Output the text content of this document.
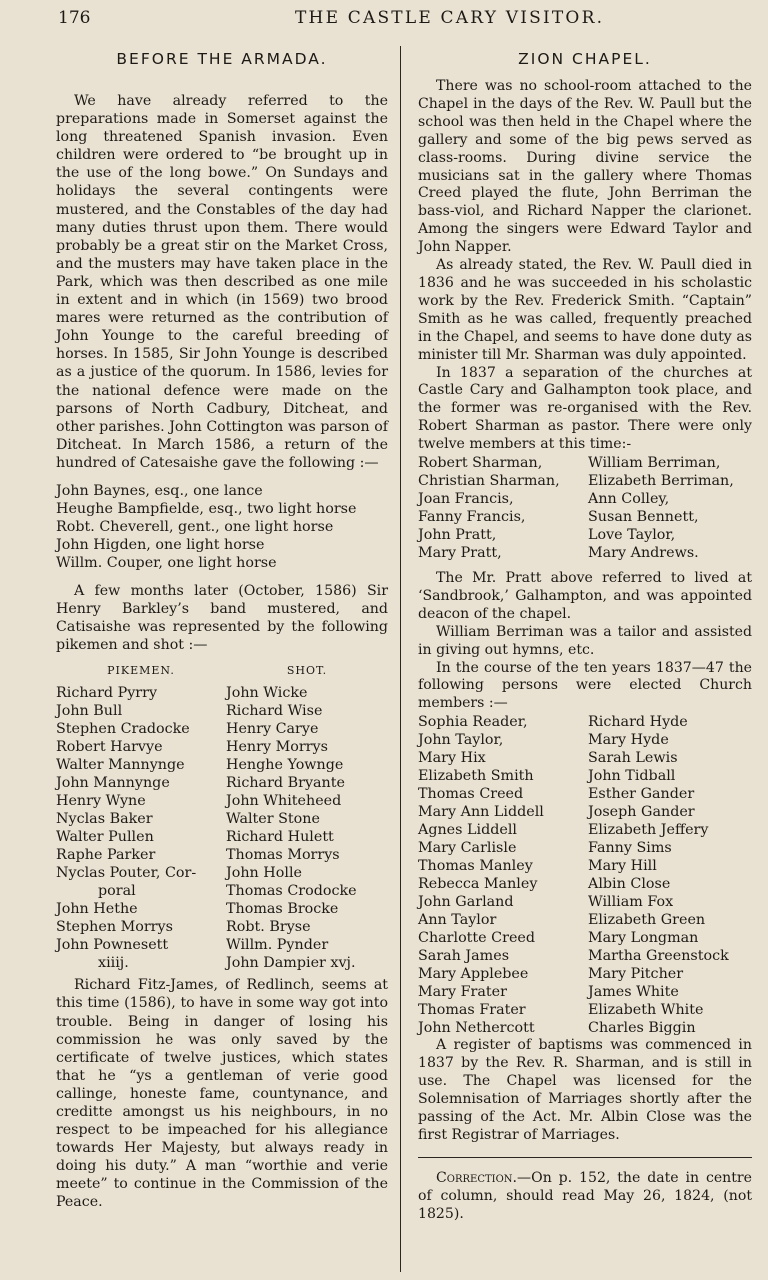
176	THE CASTLE CARY VISITOR.
BEFORE THE ARMADA.

We have already referred to the preparations made in Somerset against the long threatened Spanish invasion. Even children were ordered to “be brought up in the use of the long bowe.” On Sundays and holidays the several contingents were mustered, and the Constables of the day had many duties thrust upon them. There would probably be a great stir on the Market Cross, and the musters may have taken place in the Park, which was then described as one mile in extent and in which (in 1569) two brood mares were returned as the contribution of John Younge to the careful breeding of horses. In 1585, Sir John Younge is described as a justice of the quorum. In 1586, levies for the national defence were made on the parsons of North Cadbury, Ditcheat, and other parishes. John Cottington was parson of Ditcheat. In March 1586, a return of the hundred of Catesaishe gave the following :—

John Baynes, esq., one lance
Heughe Bampfielde, esq., two light horse
Robt. Cheverell, gent., one light horse
John Higden, one light horse
Willm. Couper, one light horse

A few months later (October, 1586) Sir Henry Barkley’s band mustered, and Catisaishe was represented by the following pikemen and shot :—

PIKEMEN.	SHOT.
Richard Pyrry
John Bull
Stephen Cradocke
Robert Harvye
Walter Mannynge
John Mannynge
Henry Wyne
Nyclas Baker
Walter Pullen
Raphe Parker
Nyclas Pouter, Cor-
poral
John Hethe
Stephen Morrys
John Pownesett
xiiij.
John Wicke
Richard Wise
Henry Carye
Henry Morrys
Henghe Yownge
Richard Bryante
John Whiteheed
Walter Stone
Richard Hulett
Thomas Morrys
John Holle
Thomas Crodocke
Thomas Brocke
Robt. Bryse
Willm. Pynder
John Dampier xvj.

Richard Fitz-James, of Redlinch, seems at this time (1586), to have in some way got into trouble. Being in danger of losing his commission he was only saved by the certificate of twelve justices, which states that he “ys a gentleman of verie good callinge, honeste fame, countynance, and creditte amongst us his neighbours, in no respect to be impeached for his allegiance towards Her Majesty, but always ready in doing his duty.” A man “worthie and verie meete” to continue in the Commission of the Peace.

ZION CHAPEL.

There was no school-room attached to the Chapel in the days of the Rev. W. Paull but the school was then held in the Chapel where the gallery and some of the big pews served as class-rooms. During divine service the musicians sat in the gallery where Thomas Creed played the flute, John Berriman the bass-viol, and Richard Napper the clarionet. Among the singers were Edward Taylor and John Napper.

As already stated, the Rev. W. Paull died in 1836 and he was succeeded in his scholastic work by the Rev. Frederick Smith. “Captain” Smith as he was called, frequently preached in the Chapel, and seems to have done duty as minister till Mr. Sharman was duly appointed.

In 1837 a separation of the churches at Castle Cary and Galhampton took place, and the former was re-organised with the Rev. Robert Sharman as pastor. There were only twelve members at this time:-

Robert Sharman,
Christian Sharman,
Joan Francis,
Fanny Francis,
John Pratt,
Mary Pratt,
William Berriman,
Elizabeth Berriman,
Ann Colley,
Susan Bennett,
Love Taylor,
Mary Andrews.

The Mr. Pratt above referred to lived at ‘Sandbrook,’ Galhampton, and was appointed deacon of the chapel.

William Berriman was a tailor and assisted in giving out hymns, etc.

In the course of the ten years 1837—47 the following persons were elected Church members :—

Sophia Reader,
John Taylor,
Mary Hix
Elizabeth Smith
Thomas Creed
Mary Ann Liddell
Agnes Liddell
Mary Carlisle
Thomas Manley
Rebecca Manley
John Garland
Ann Taylor
Charlotte Creed
Sarah James
Mary Applebee
Mary Frater
Thomas Frater
John Nethercott
Richard Hyde
Mary Hyde
Sarah Lewis
John Tidball
Esther Gander
Joseph Gander
Elizabeth Jeffery
Fanny Sims
Mary Hill
Albin Close
William Fox
Elizabeth Green
Mary Longman
Martha Greenstock
Mary Pitcher
James White
Elizabeth White
Charles Biggin

A register of baptisms was commenced in 1837 by the Rev. R. Sharman, and is still in use. The Chapel was licensed for the Solemnisation of Marriages shortly after the passing of the Act. Mr. Albin Close was the first Registrar of Marriages.

Correction.—On p. 152, the date in centre of column, should read May 26, 1824, (not 1825).
